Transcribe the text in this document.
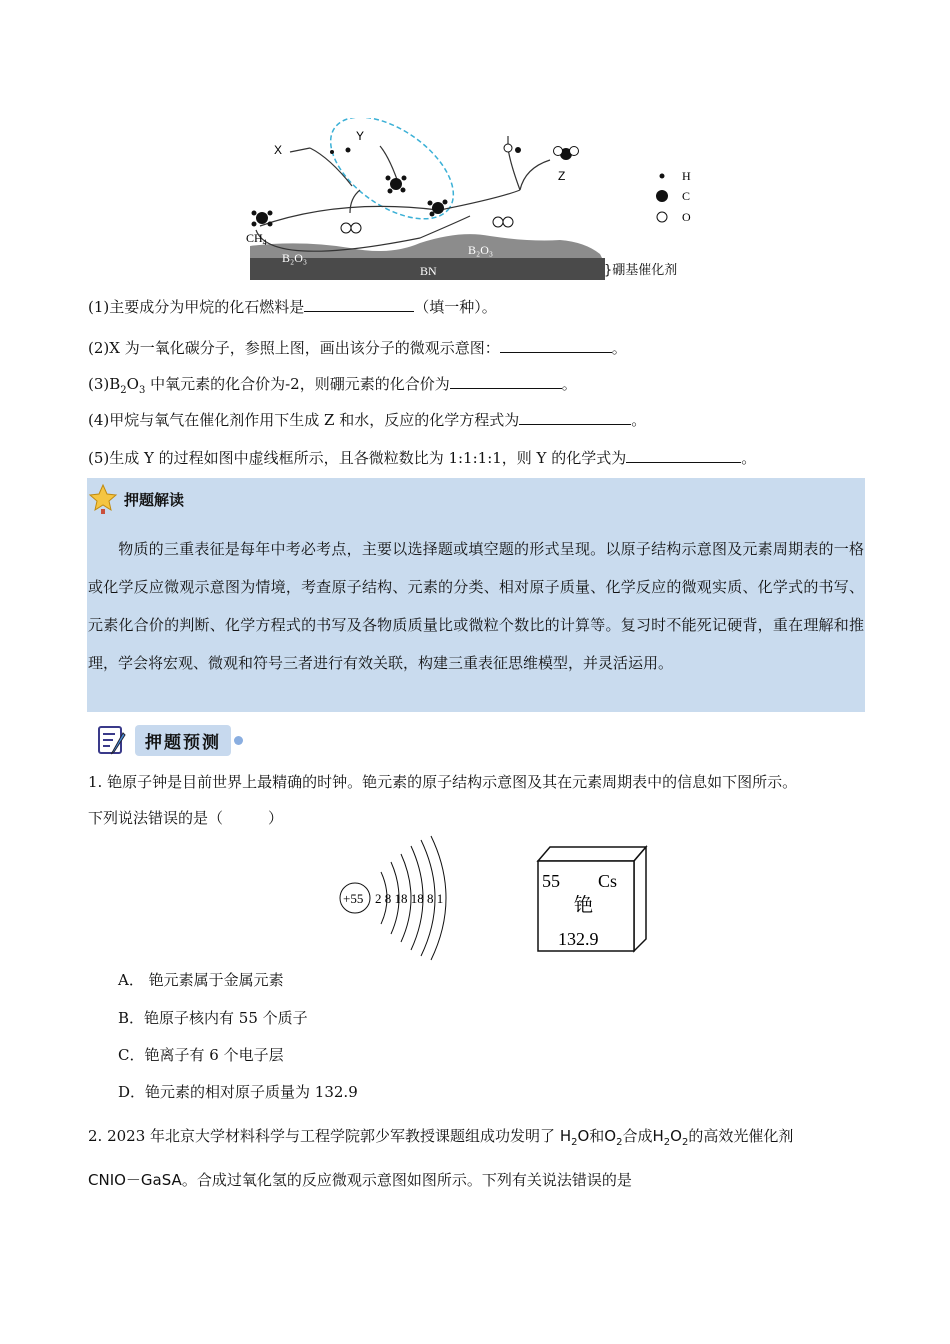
B₂O₃
B₂O₃
BN	}硼基催化剂
$CH_4$
Y
X
Z	H
C
O
(1)主要成分为甲烷的化石燃料是	（填一种）。
(2)X 为一氧化碳分子，参照上图，画出该分子的微观示意图：	。
$(3)B_2O_3$ 中氧元素的化合价为-2，则硼元素的化合价为	。
(4)甲烷与氧气在催化剂作用下生成 Z 和水，反应的化学方程式为	。
(5)生成 Y 的过程如图中虚线框所示，且各微粒数比为 1:1:1:1，则 Y 的化学式为	。
押题解读
物质的三重表征是每年中考必考点，主要以选择题或填空题的形式呈现。以原子结构示意图及元素周期表的一格或化学反应微观示意图为情境，考查原子结构、元素的分类、相对原子质量、化学反应的微观实质、化学式的书写、元素化合价的判断、化学方程式的书写及各物质质量比或微粒个数比的计算等。复习时不能死记硬背，重在理解和推理，学会将宏观、微观和符号三者进行有效关联，构建三重表征思维模型，并灵活运用。
押题预测
1. 铯原子钟是目前世界上最精确的时钟。铯元素的原子结构示意图及其在元素周期表中的信息如下图所示。
下列说法错误的是（　　　）
+55 2 8 18 18 8 1
55 Cs
铯
132.9
A． 铯元素属于金属元素
B．铯原子核内有 55 个质子
C．铯离子有 6 个电子层
D．铯元素的相对原子质量为 132.9
2. 2023 年北京大学材料科学与工程学院郭少军教授课题组成功发明了 $H_2O$和$O_2$合成$H_2O_2$的高效光催化剂
CNIO－GaSA。合成过氧化氢的反应微观示意图如图所示。下列有关说法错误的是
